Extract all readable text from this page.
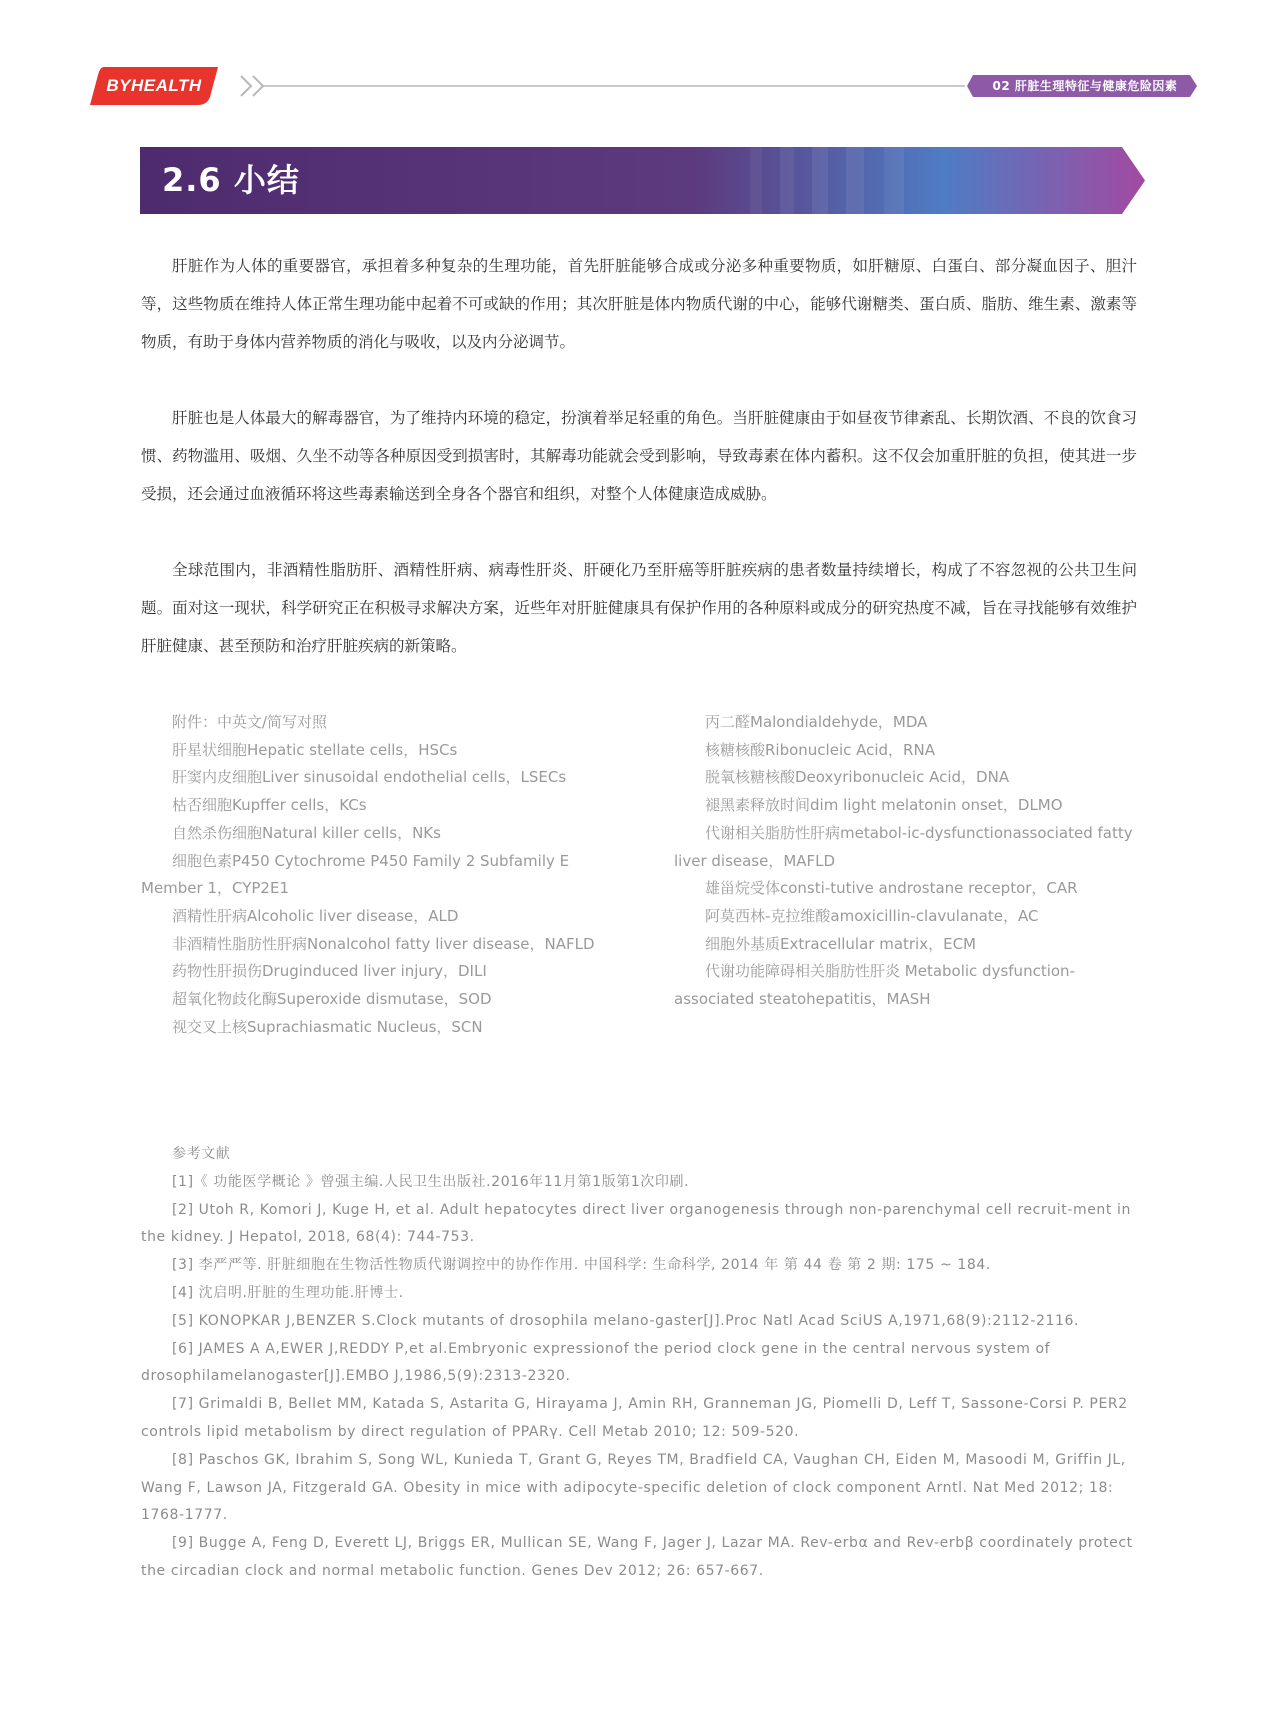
BYHEALTH	02 肝脏生理特征与健康危险因素
2.6 小结

肝脏作为人体的重要器官，承担着多种复杂的生理功能，首先肝脏能够合成或分泌多种重要物质，如肝糖原、白蛋白、部分凝血因子、胆汁等，这些物质在维持人体正常生理功能中起着不可或缺的作用；其次肝脏是体内物质代谢的中心，能够代谢糖类、蛋白质、脂肪、维生素、激素等物质，有助于身体内营养物质的消化与吸收，以及内分泌调节。

肝脏也是人体最大的解毒器官，为了维持内环境的稳定，扮演着举足轻重的角色。当肝脏健康由于如昼夜节律紊乱、长期饮酒、不良的饮食习惯、药物滥用、吸烟、久坐不动等各种原因受到损害时，其解毒功能就会受到影响，导致毒素在体内蓄积。这不仅会加重肝脏的负担，使其进一步受损，还会通过血液循环将这些毒素输送到全身各个器官和组织，对整个人体健康造成威胁。

全球范围内，非酒精性脂肪肝、酒精性肝病、病毒性肝炎、肝硬化乃至肝癌等肝脏疾病的患者数量持续增长，构成了不容忽视的公共卫生问题。面对这一现状，科学研究正在积极寻求解决方案，近些年对肝脏健康具有保护作用的各种原料或成分的研究热度不减，旨在寻找能够有效维护肝脏健康、甚至预防和治疗肝脏疾病的新策略。

附件：中英文/简写对照

肝星状细胞Hepatic stellate cells，HSCs

肝窦内皮细胞Liver sinusoidal endothelial cells，LSECs

枯否细胞Kupffer cells，KCs

自然杀伤细胞Natural killer cells，NKs

细胞色素P450 Cytochrome P450 Family 2 Subfamily E Member 1，CYP2E1

酒精性肝病Alcoholic liver disease，ALD

非酒精性脂肪性肝病Nonalcohol fatty liver disease，NAFLD

药物性肝损伤Druginduced liver injury，DILI

超氧化物歧化酶Superoxide dismutase，SOD

视交叉上核Suprachiasmatic Nucleus，SCN

丙二醛Malondialdehyde，MDA

核糖核酸Ribonucleic Acid，RNA

脱氧核糖核酸Deoxyribonucleic Acid，DNA

褪黑素释放时间dim light melatonin onset，DLMO

代谢相关脂肪性肝病metabol-ic-dysfunctionassociated fatty liver disease，MAFLD

雄甾烷受体consti-tutive androstane receptor，CAR

阿莫西林-克拉维酸amoxicillin-clavulanate，AC

细胞外基质Extracellular matrix，ECM

代谢功能障碍相关脂肪性肝炎 Metabolic dysfunction-associated steatohepatitis，MASH

参考文献

[1]《 功能医学概论 》曾强主编.人民卫生出版社.2016年11月第1版第1次印刷.

[2] Utoh R, Komori J, Kuge H, et al. Adult hepatocytes direct liver organogenesis through non-parenchymal cell recruit-ment in the kidney. J Hepatol, 2018, 68(4): 744-753.

[3] 李严严等. 肝脏细胞在生物活性物质代谢调控中的协作作用. 中国科学: 生命科学, 2014 年 第 44 卷 第 2 期: 175 ~ 184.

[4] 沈启明.肝脏的生理功能.肝博士.

[5] KONOPKAR J,BENZER S.Clock mutants of drosophila melano-gaster[J].Proc Natl Acad SciUS A,1971,68(9):2112-2116.

[6] JAMES A A,EWER J,REDDY P,et al.Embryonic expressionof the period clock gene in the central nervous system of drosophilamelanogaster[J].EMBO J,1986,5(9):2313-2320.

[7] Grimaldi B, Bellet MM, Katada S, Astarita G, Hirayama J, Amin RH, Granneman JG, Piomelli D, Leff T, Sassone-Corsi P. PER2 controls lipid metabolism by direct regulation of PPARγ. Cell Metab 2010; 12: 509-520.

[8] Paschos GK, Ibrahim S, Song WL, Kunieda T, Grant G, Reyes TM, Bradfield CA, Vaughan CH, Eiden M, Masoodi M, Griffin JL, Wang F, Lawson JA, Fitzgerald GA. Obesity in mice with adipocyte-specific deletion of clock component Arntl. Nat Med 2012; 18: 1768-1777.

[9] Bugge A, Feng D, Everett LJ, Briggs ER, Mullican SE, Wang F, Jager J, Lazar MA. Rev-erbα and Rev-erbβ coordinately protect the circadian clock and normal metabolic function. Genes Dev 2012; 26: 657-667.
